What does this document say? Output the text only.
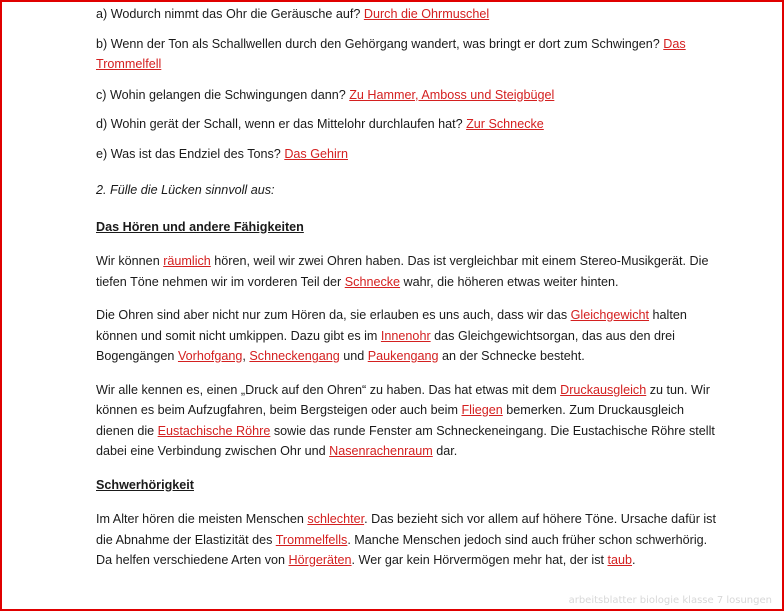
a) Wodurch nimmt das Ohr die Geräusche auf? Durch die Ohrmuschel

b) Wenn der Ton als Schallwellen durch den Gehörgang wandert, was bringt er dort zum Schwingen? Das Trommelfell

c) Wohin gelangen die Schwingungen dann? Zu Hammer, Amboss und Steigbügel

d) Wohin gerät der Schall, wenn er das Mittelohr durchlaufen hat? Zur Schnecke

e) Was ist das Endziel des Tons? Das Gehirn

2. Fülle die Lücken sinnvoll aus:

Das Hören und andere Fähigkeiten

Wir können räumlich hören, weil wir zwei Ohren haben. Das ist vergleichbar mit einem Stereo-Musikgerät. Die tiefen Töne nehmen wir im vorderen Teil der Schnecke wahr, die höheren etwas weiter hinten.

Die Ohren sind aber nicht nur zum Hören da, sie erlauben es uns auch, dass wir das Gleichgewicht halten können und somit nicht umkippen. Dazu gibt es im Innenohr das Gleichgewichtsorgan, das aus den drei Bogengängen Vorhofgang, Schneckengang und Paukengang an der Schnecke besteht.

Wir alle kennen es, einen „Druck auf den Ohren“ zu haben. Das hat etwas mit dem Druckausgleich zu tun. Wir können es beim Aufzugfahren, beim Bergsteigen oder auch beim Fliegen bemerken. Zum Druckausgleich dienen die Eustachische Röhre sowie das runde Fenster am Schneckeneingang. Die Eustachische Röhre stellt dabei eine Verbindung zwischen Ohr und Nasenrachenraum dar.

Schwerhörigkeit

Im Alter hören die meisten Menschen schlechter. Das bezieht sich vor allem auf höhere Töne. Ursache dafür ist die Abnahme der Elastizität des Trommelfells. Manche Menschen jedoch sind auch früher schon schwerhörig. Da helfen verschiedene Arten von Hörgeräten. Wer gar kein Hörvermögen mehr hat, der ist taub.

arbeitsblatter biologie klasse 7 losungen
